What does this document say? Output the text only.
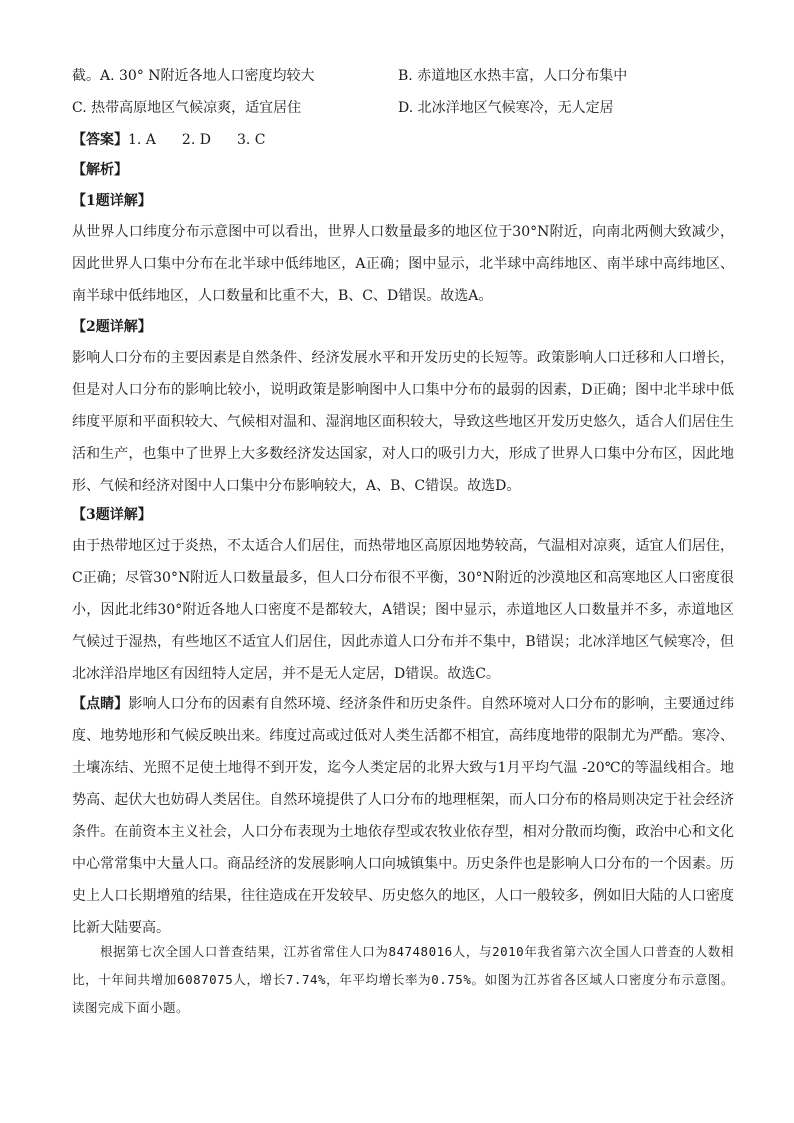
截。A. 30° N附近各地人口密度均较大	B. 赤道地区水热丰富，人口分布集中
C. 热带高原地区气候凉爽，适宜居住	D. 北冰洋地区气候寒冷，无人定居
【答案】1. A 2. D 3. C
【解析】
【1题详解】
从世界人口纬度分布示意图中可以看出，世界人口数量最多的地区位于30°N附近，向南北两侧大致减少，因此世界人口集中分布在北半球中低纬地区，A正确；图中显示，北半球中高纬地区、南半球中高纬地区、南半球中低纬地区，人口数量和比重不大，B、C、D错误。故选A。
【2题详解】
影响人口分布的主要因素是自然条件、经济发展水平和开发历史的长短等。政策影响人口迁移和人口增长，但是对人口分布的影响比较小，说明政策是影响图中人口集中分布的最弱的因素，D正确；图中北半球中低纬度平原和平面积较大、气候相对温和、湿润地区面积较大，导致这些地区开发历史悠久，适合人们居住生活和生产，也集中了世界上大多数经济发达国家，对人口的吸引力大，形成了世界人口集中分布区，因此地形、气候和经济对图中人口集中分布影响较大，A、B、C错误。故选D。
【3题详解】
由于热带地区过于炎热，不太适合人们居住，而热带地区高原因地势较高，气温相对凉爽，适宜人们居住，C正确；尽管30°N附近人口数量最多，但人口分布很不平衡，30°N附近的沙漠地区和高寒地区人口密度很小，因此北纬30°附近各地人口密度不是都较大，A错误；图中显示，赤道地区人口数量并不多，赤道地区气候过于湿热，有些地区不适宜人们居住，因此赤道人口分布并不集中，B错误；北冰洋地区气候寒冷，但北冰洋沿岸地区有因纽特人定居，并不是无人定居，D错误。故选C。
【点睛】影响人口分布的因素有自然环境、经济条件和历史条件。自然环境对人口分布的影响，主要通过纬度、地势地形和气候反映出来。纬度过高或过低对人类生活都不相宜，高纬度地带的限制尤为严酷。寒冷、土壤冻结、光照不足使土地得不到开发，迄今人类定居的北界大致与1月平均气温 -20℃的等温线相合。地势高、起伏大也妨碍人类居住。自然环境提供了人口分布的地理框架，而人口分布的格局则决定于社会经济条件。在前资本主义社会，人口分布表现为土地依存型或农牧业依存型，相对分散而均衡，政治中心和文化中心常常集中大量人口。商品经济的发展影响人口向城镇集中。历史条件也是影响人口分布的一个因素。历史上人口长期增殖的结果，往往造成在开发较早、历史悠久的地区，人口一般较多，例如旧大陆的人口密度比新大陆要高。
根据第七次全国人口普查结果，江苏省常住人口为84748016人，与2010年我省第六次全国人口普查的人数相比，十年间共增加6087075人，增长7.74%，年平均增长率为0.75%。如图为江苏省各区域人口密度分布示意图。读图完成下面小题。
